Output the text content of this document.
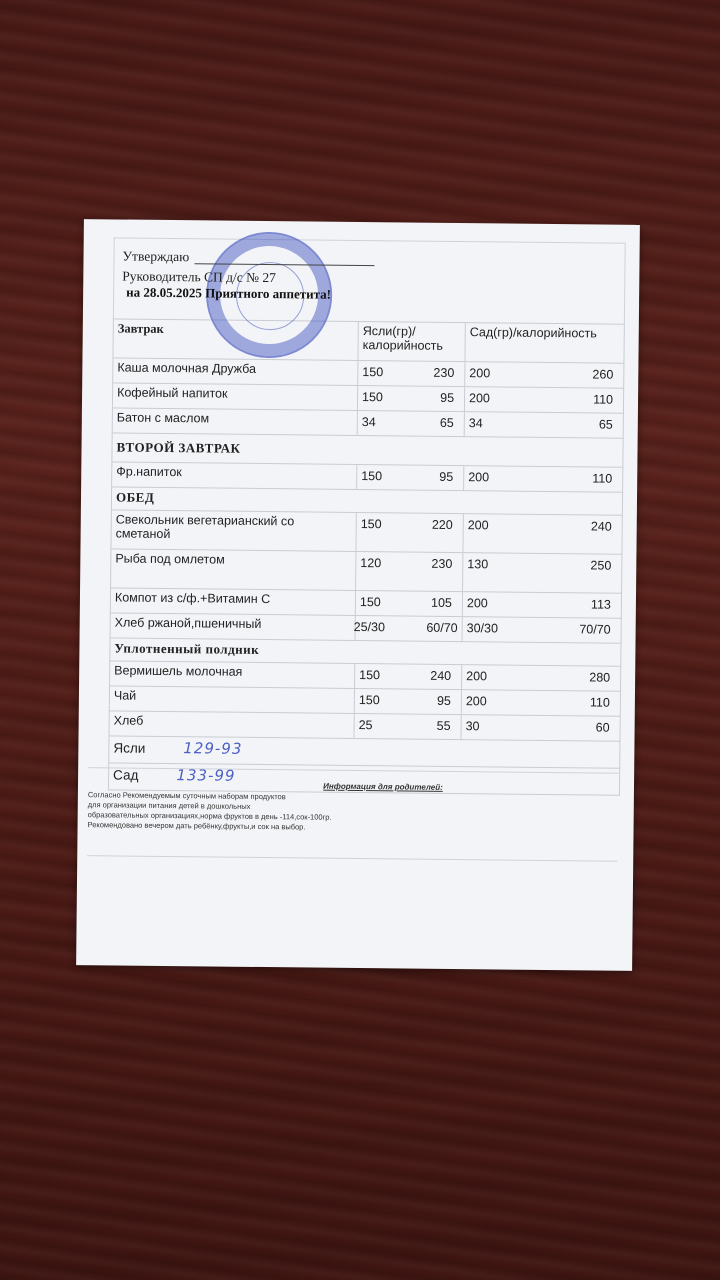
Утверждаю
Руководитель СП д/с № 27
на 28.05.2025 Приятного аппетита!
Завтрак	Ясли(гр)/калорийность	Сад(гр)/калорийность
Каша молочная Дружба	150 230	200 260

Кофейный напиток	150 95	200 110

Батон с маслом	34 65	34 65

ВТОРОЙ ЗАВТРАК		
Фр.напиток	150 95	200 110

ОБЕД		
Свекольник вегетарианский со сметаной	150 220	200 240

Рыба под омлетом	120 230	130 250

Компот из с/ф.+Витамин С	150 105	200 113

Хлеб ржаной,пшеничный	25/30 60/70	30/30 70/70

Уплотненный полдник		
Вермишель молочная	150 240	200 280

Чай	150 95	200 110

Хлеб	25 55	30 60

Ясли 129-93		
Сад 133-99		
Информация для родителей:
Согласно Рекомендуемым суточным наборам продуктов
для организации питания детей в дошкольных
образовательных организациях,норма фруктов в день -114,сок-100гр.
Рекомендовано вечером дать ребёнку,фрукты,и сок на выбор.
